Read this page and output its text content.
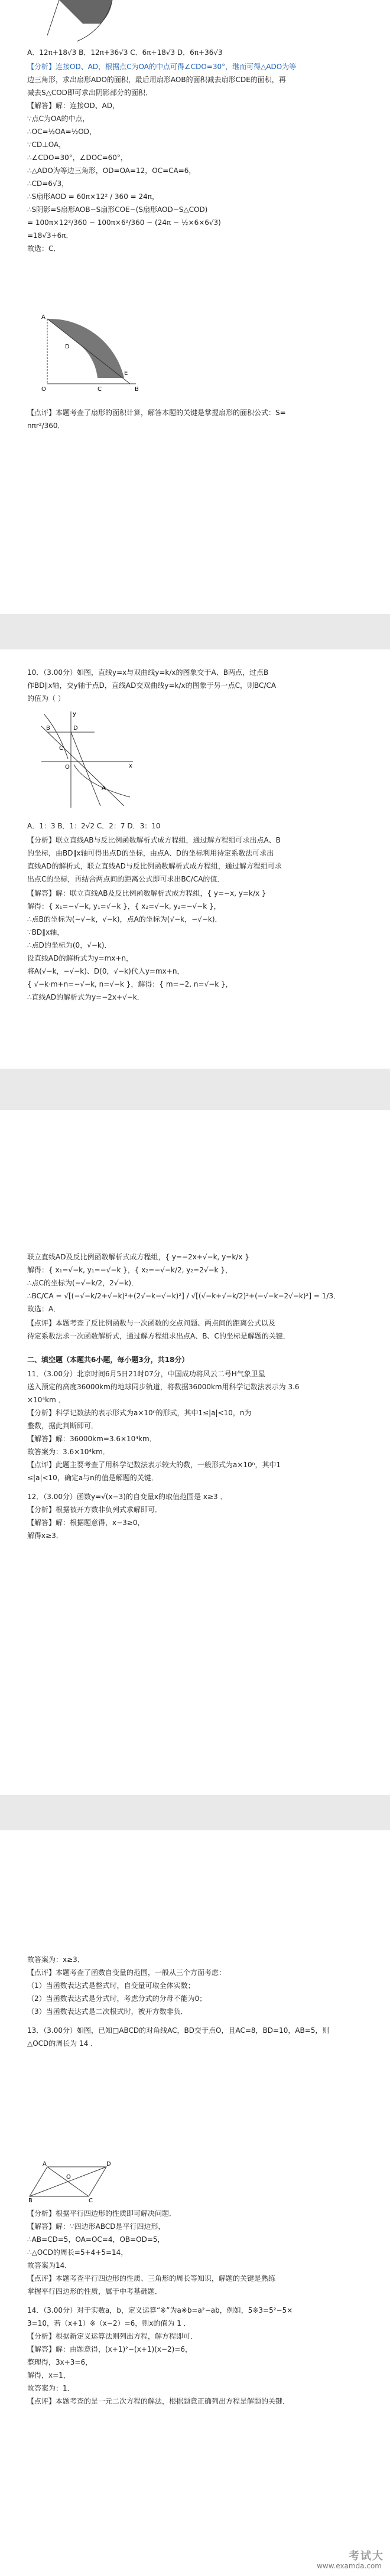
A．12π+18√3 B．12π+36√3 C．6π+18√3 D．6π+36√3

【分析】连接OD、AD，根据点C为OA的中点可得∠CDO=30°，继而可得△ADO为等

边三角形，求出扇形ADO的面积，最后用扇形AOB的面积减去扇形CDE的面积，再

减去S△COD即可求出阴影部分的面积．

【解答】解：连接OD、AD，

∵点C为OA的中点，

∴OC=½OA=½OD，

∵CD⊥OA，

∴∠CDO=30°，∠DOC=60°，

∴△ADO为等边三角形，OD=OA=12，OC=CA=6，

∴CD=6√3，

∴S扇形AOD = 60π×12² / 360 = 24π，

∴S阴影=S扇形AOB−S扇形COE−(S扇形AOD−S△COD)

= 100π×12²/360 − 100π×6²/360 − (24π − ½×6×6√3)

=18√3+6π．

故选：C．

A
B
C
D
E
O

【点评】本题考查了扇形的面积计算，解答本题的关键是掌握扇形的面积公式：S=

nπr²/360．

10．（3.00分）如图，直线y=x与双曲线y=k/x的图象交于A、B两点，过点B

作BD∥x轴，交y轴于点D，直线AD交双曲线y=k/x的图象于另一点C，则BC/CA

的值为（ ）

y
x
B	D
A
C
O

A．1：3 B．1：2√2 C．2：7 D．3：10

【分析】联立直线AB与反比例函数解析式成方程组，通过解方程组可求出点A、B

的坐标，由BD∥x轴可得出点D的坐标，由点A、D的坐标利用待定系数法可求出

直线AD的解析式，联立直线AD与反比例函数解析式成方程组，通过解方程组可求

出点C的坐标，再结合两点间的距离公式即可求出BC/CA的值．

【解答】解：联立直线AB及反比例函数解析式成方程组，{ y=−x, y=k/x }

解得：{ x₁=−√−k, y₁=√−k }，{ x₂=√−k, y₂=−√−k }，

∴点B的坐标为(−√−k，√−k)，点A的坐标为(√−k，−√−k)．

∵BD∥x轴，

∴点D的坐标为(0，√−k)．

设直线AD的解析式为y=mx+n，

将A(√−k，−√−k)、D(0，√−k)代入y=mx+n，

{ √−k·m+n=−√−k, n=√−k }，解得：{ m=−2, n=√−k }，

∴直线AD的解析式为y=−2x+√−k．

联立直线AD及反比例函数解析式成方程组，{ y=−2x+√−k, y=k/x }

解得：{ x₁=√−k, y₁=−√−k }，{ x₂=−√−k/2, y₂=2√−k }，

∴点C的坐标为(−√−k/2，2√−k)．

∴BC/CA = √[(−√−k/2+√−k)²+(2√−k−√−k)²] / √[(√−k+√−k/2)²+(−√−k−2√−k)²] = 1/3．

故选：A．

【点评】本题考查了反比例函数与一次函数的交点问题、两点间的距离公式以及

待定系数法求一次函数解析式，通过解方程组求出点A、B、C的坐标是解题的关键．

二、填空题（本题共6小题，每小题3分，共18分）

11．（3.00分）北京时间6月5日21时07分，中国成功将风云二号H气象卫星

送入预定的高度36000km的地球同步轨道，将数据36000km用科学记数法表示为 3.6

×10⁴km ．

【分析】科学记数法的表示形式为a×10ⁿ的形式，其中1≤|a|<10，n为

整数，据此判断即可．

【解答】解：36000km=3.6×10⁴km．

故答案为：3.6×10⁴km．

【点评】此题主要考查了用科学记数法表示较大的数，一般形式为a×10ⁿ，其中1

≤|a|<10，确定a与n的值是解题的关键．

12．（3.00分）函数y=√(x−3)的自变量x的取值范围是 x≥3 ．

【分析】根据被开方数非负列式求解即可．

【解答】解：根据题意得，x−3≥0，

解得x≥3．

故答案为：x≥3．

【点评】本题考查了函数自变量的范围，一般从三个方面考虑：

（1）当函数表达式是整式时，自变量可取全体实数；

（2）当函数表达式是分式时，考虑分式的分母不能为0；

（3）当函数表达式是二次根式时，被开方数非负．

13．（3.00分）如图，已知□ABCD的对角线AC，BD交于点O，且AC=8，BD=10，AB=5，则

△OCD的周长为 14 ．

A
B	C
D
O

【分析】根据平行四边形的性质即可解决问题．

【解答】解：∵四边形ABCD是平行四边形，

∴AB=CD=5，OA=OC=4，OB=OD=5，

∴△OCD的周长=5+4+5=14，

故答案为14．

【点评】本题考查平行四边形的性质、三角形的周长等知识，解题的关键是熟练

掌握平行四边形的性质，属于中考基础题．

14．（3.00分）对于实数a，b，定义运算“※”为a※b=a²−ab，例如，5※3=5²−5×

3=10，若（x+1）※（x−2）=6，则x的值为 1 ．

【分析】根据新定义运算法则列出方程，解方程即可．

【解答】解：由题意得，(x+1)²−(x+1)(x−2)=6，

整理得，3x+3=6，

解得，x=1，

故答案为：1．

【点评】本题考查的是一元二次方程的解法，根据题意正确列出方程是解题的关键．

考试大
www.examda.com
